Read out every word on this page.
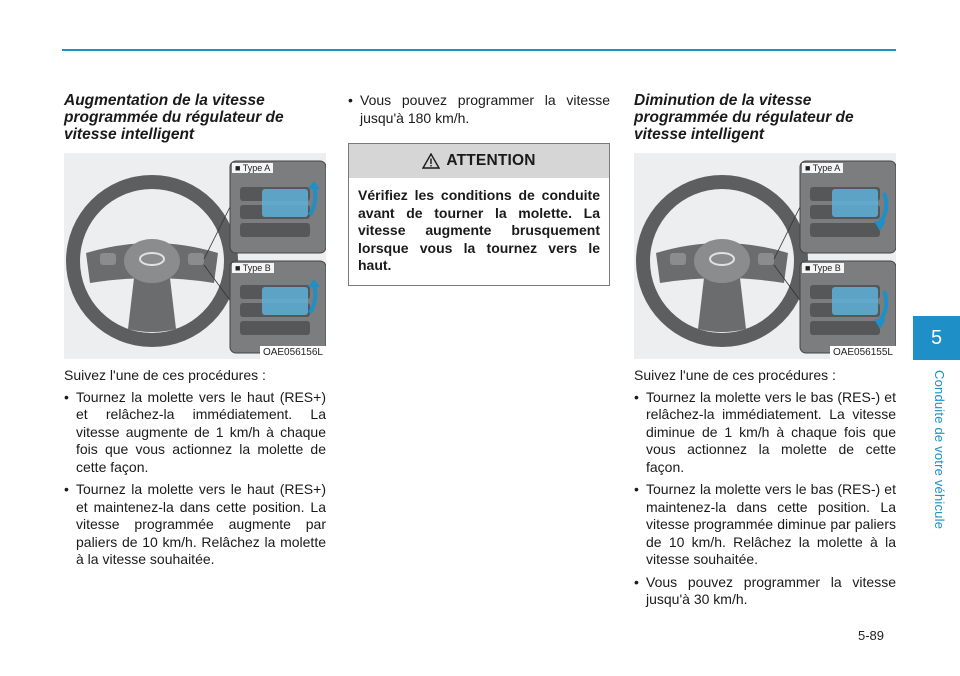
Augmentation de la vitesse programmée du régulateur de vitesse intelligent
■ Type A
■ Type B
OAE056156L

Suivez l'une de ces procédures :

• Tournez la molette vers le haut (RES+) et relâchez-la immédiatement. La vitesse augmente de 1 km/h à chaque fois que vous actionnez la molette de cette façon.
• Tournez la molette vers le haut (RES+) et maintenez-la dans cette position. La vitesse programmée augmente par paliers de 10 km/h. Relâchez la molette à la vitesse souhaitée.
• Vous pouvez programmer la vitesse jusqu'à 180 km/h.
ATTENTION
Vérifiez les conditions de conduite avant de tourner la molette. La vitesse augmente brusquement lorsque vous la tournez vers le haut.
Diminution de la vitesse programmée du régulateur de vitesse intelligent
■ Type A
■ Type B
OAE056155L

Suivez l'une de ces procédures :

• Tournez la molette vers le bas (RES-) et relâchez-la immédiatement. La vitesse diminue de 1 km/h à chaque fois que vous actionnez la molette de cette façon.
• Tournez la molette vers le bas (RES-) et maintenez-la dans cette position. La vitesse programmée diminue par paliers de 10 km/h. Relâchez la molette à la vitesse souhaitée.
• Vous pouvez programmer la vitesse jusqu'à 30 km/h.
5
Conduite de votre véhicule
5-89
